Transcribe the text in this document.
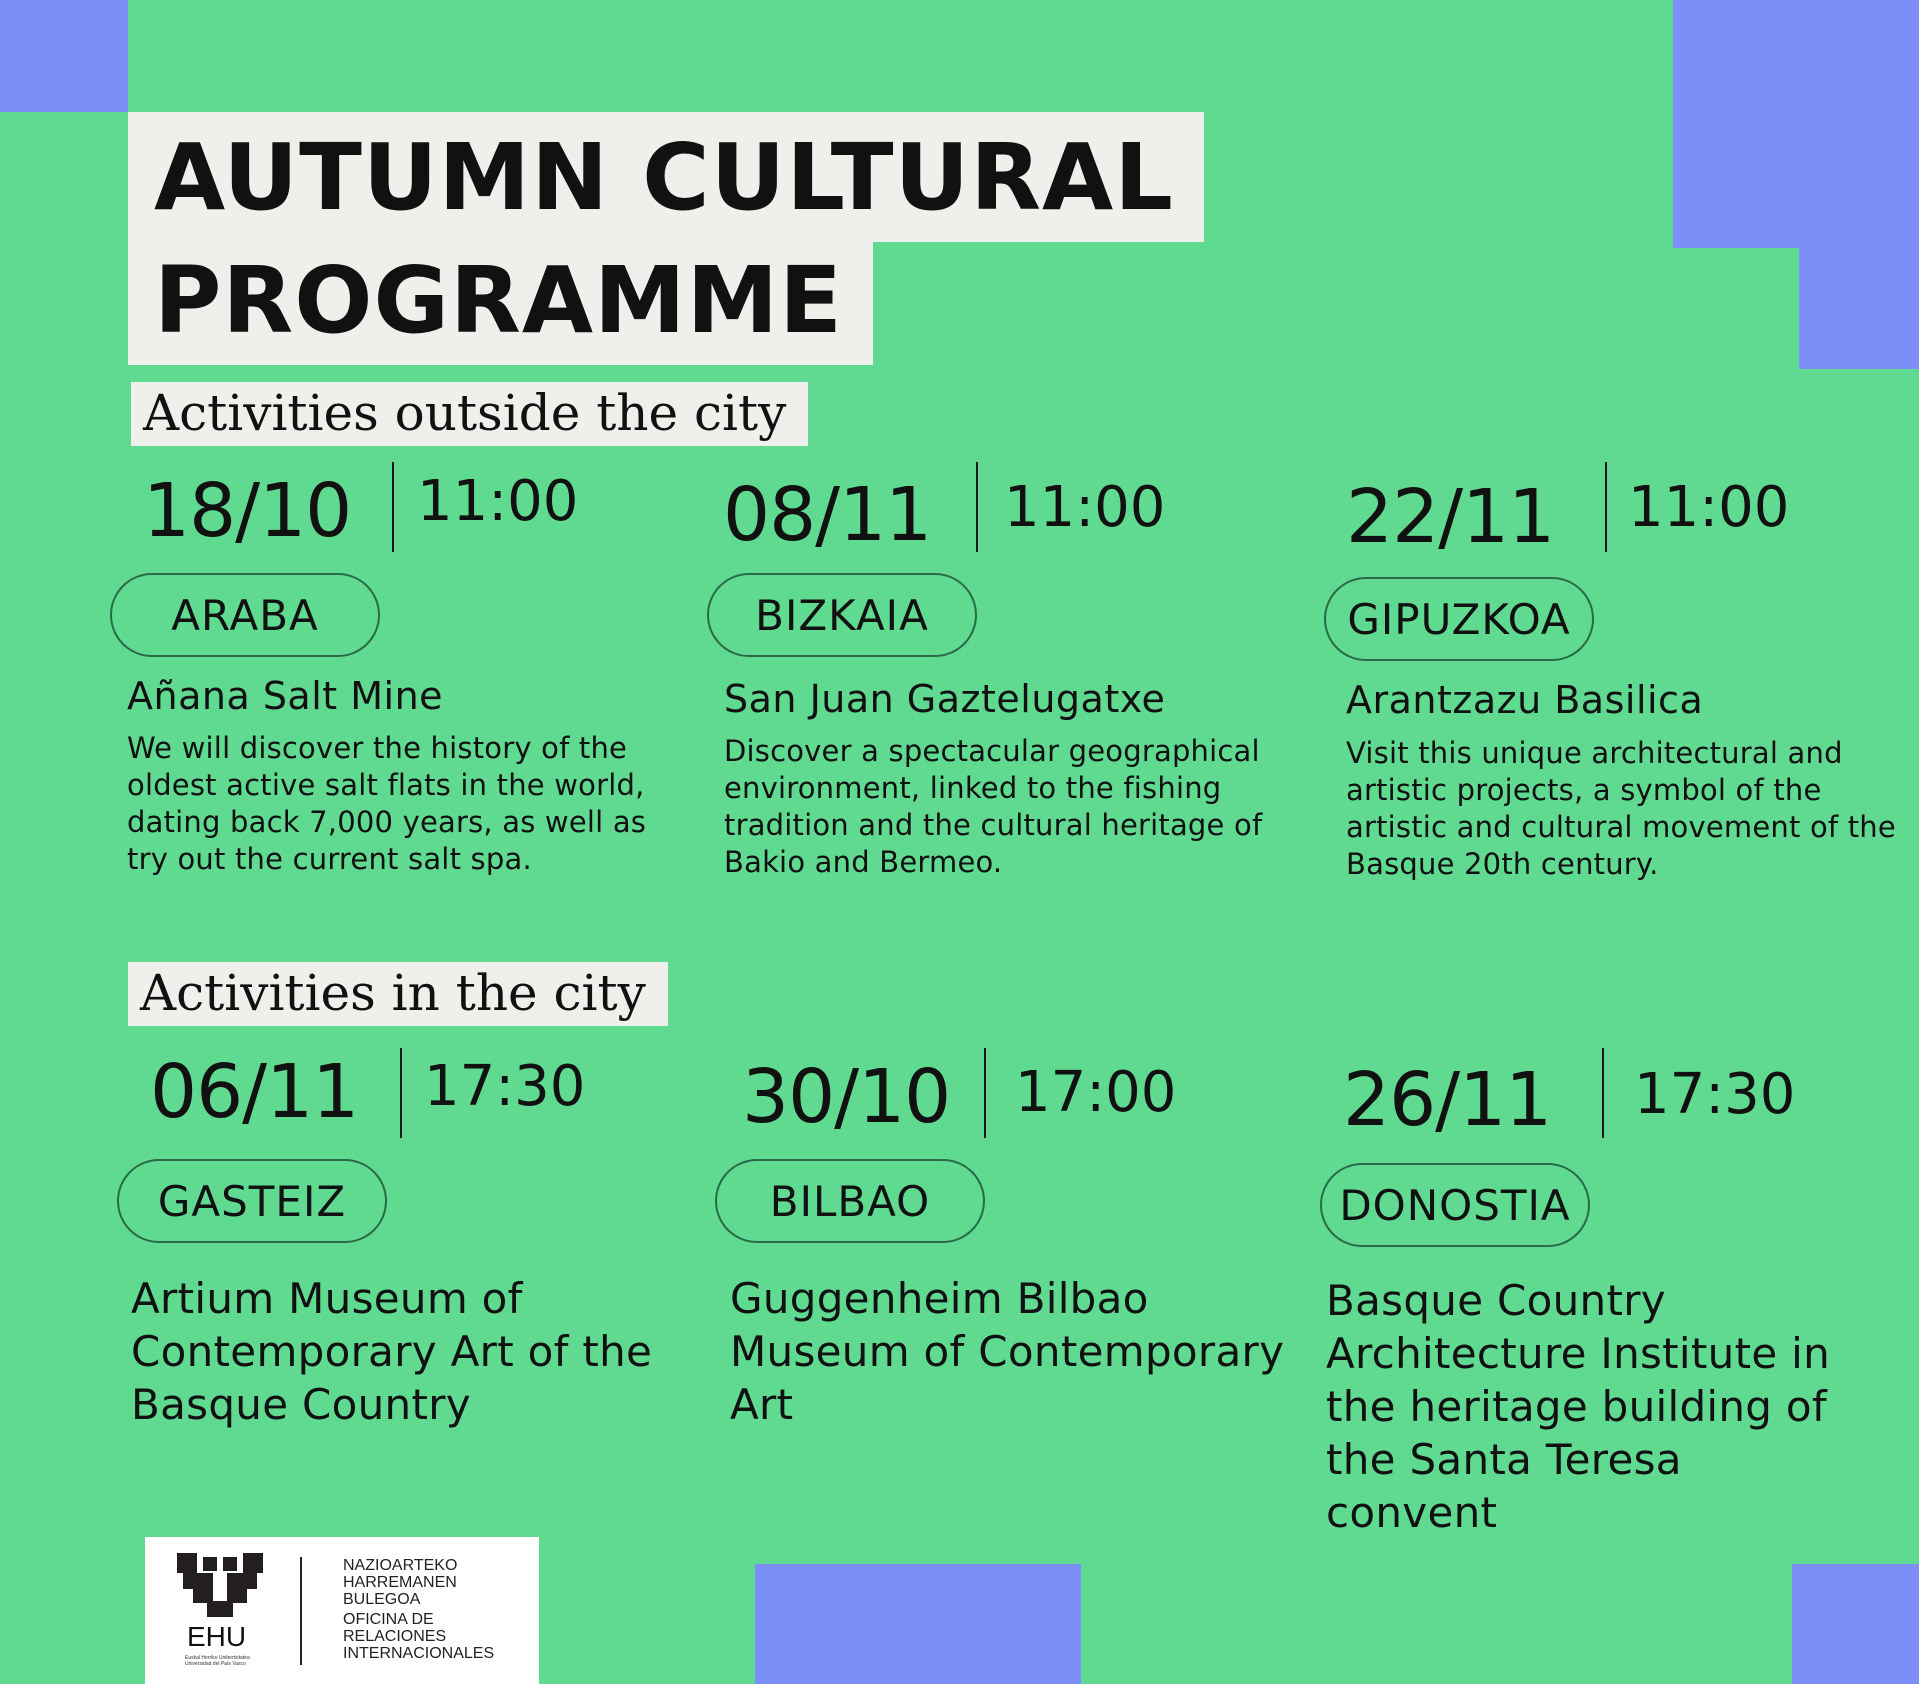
AUTUMN CULTURAL
PROGRAMME
Activities outside the city
18/10 11:00
ARABA
Añana Salt Mine
We will discover the history of the oldest active salt flats in the world, dating back 7,000 years, as well as try out the current salt spa.
08/11 11:00
BIZKAIA
San Juan Gaztelugatxe
Discover a spectacular geographical environment, linked to the fishing tradition and the cultural heritage of Bakio and Bermeo.
22/11 11:00
GIPUZKOA
Arantzazu Basilica
Visit this unique architectural and artistic projects, a symbol of the artistic and cultural movement of the Basque 20th century.
Activities in the city
06/11 17:30
GASTEIZ
Artium Museum of Contemporary Art of the Basque Country
30/10 17:00
BILBAO
Guggenheim Bilbao Museum of Contemporary Art
26/11 17:30
DONOSTIA
Basque Country Architecture Institute in the heritage building of the Santa Teresa convent
EHU
Euskal Herriko Unibertsitatea Universidad del País Vasco
NAZIOARTEKO
HARREMANEN
BULEGOA
OFICINA DE
RELACIONES
INTERNACIONALES
